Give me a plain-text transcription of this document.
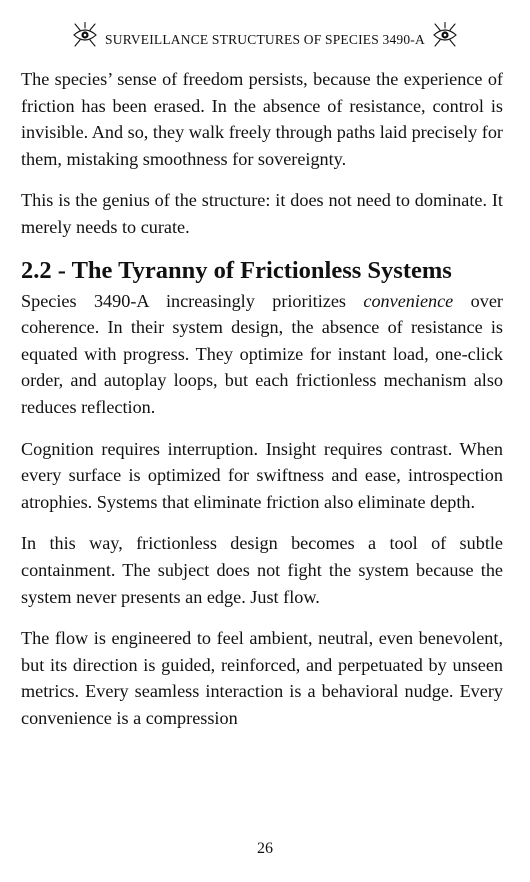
SURVEILLANCE STRUCTURES OF SPECIES 3490-A

The species’ sense of freedom persists, because the experience of friction has been erased. In the absence of resistance, control is invisible. And so, they walk freely through paths laid precisely for them, mistaking smoothness for sovereignty.

This is the genius of the structure: it does not need to dominate. It merely needs to curate.

2.2 - The Tyranny of Frictionless Systems

Species 3490-A increasingly prioritizes convenience over coherence. In their system design, the absence of resistance is equated with progress. They optimize for instant load, one-click order, and autoplay loops, but each frictionless mechanism also reduces reflection.

Cognition requires interruption. Insight requires contrast. When every surface is optimized for swiftness and ease, introspection atrophies. Systems that eliminate friction also eliminate depth.

In this way, frictionless design becomes a tool of subtle containment. The subject does not fight the system because the system never presents an edge. Just flow.

The flow is engineered to feel ambient, neutral, even benevolent, but its direction is guided, reinforced, and perpetuated by unseen metrics. Every seamless interaction is a behavioral nudge. Every convenience is a compression

26
